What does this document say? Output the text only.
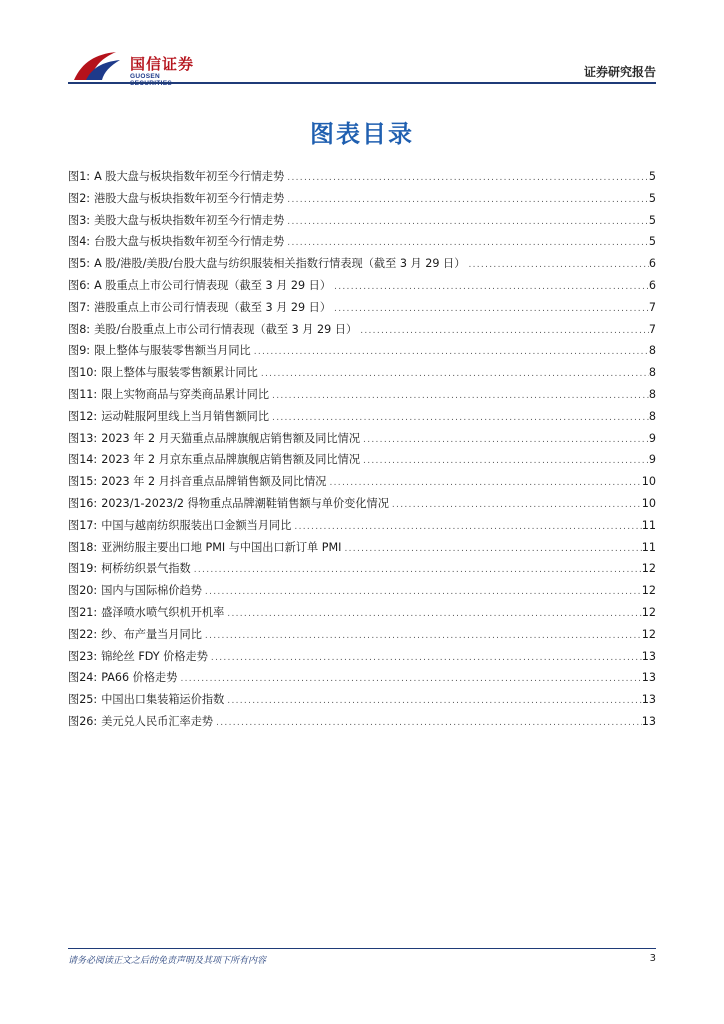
国信证券
GUOSEN	证券研究报告
图表目录
图1: A 股大盘与板块指数年初至今行情走势 .....	5
图2: 港股大盘与板块指数年初至今行情走势 .....	5
图3: 美股大盘与板块指数年初至今行情走势 .....	5
图4: 台股大盘与板块指数年初至今行情走势 .....	5
图5: A 股/港股/美股/台股大盘与纺织服装相关指数行情表现（截至 3 月 29 日） .....	6
图6: A 股重点上市公司行情表现（截至 3 月 29 日） .....	6
图7: 港股重点上市公司行情表现（截至 3 月 29 日） .....	7
图8: 美股/台股重点上市公司行情表现（截至 3 月 29 日） .....	7
图9: 限上整体与服装零售额当月同比 .....	8
图10: 限上整体与服装零售额累计同比 .....	8
图11: 限上实物商品与穿类商品累计同比 .....	8
图12: 运动鞋服阿里线上当月销售额同比 .....	8
图13: 2023 年 2 月天猫重点品牌旗舰店销售额及同比情况 .....	9
图14: 2023 年 2 月京东重点品牌旗舰店销售额及同比情况 .....	9
图15: 2023 年 2 月抖音重点品牌销售额及同比情况 .....	10
图16: 2023/1-2023/2 得物重点品牌潮鞋销售额与单价变化情况 .....	10
图17: 中国与越南纺织服装出口金额当月同比 .....	11
图18: 亚洲纺服主要出口地 PMI 与中国出口新订单 PMI .....	11
图19: 柯桥纺织景气指数 .....	12
图20: 国内与国际棉价趋势 .....	12
图21: 盛泽喷水喷气织机开机率 .....	12
图22: 纱、布产量当月同比 .....	12
图23: 锦纶丝 FDY 价格走势 .....	13
图24: PA66 价格走势 .....	13
图25: 中国出口集装箱运价指数 .....	13
图26: 美元兑人民币汇率走势 .....	13
请务必阅读正文之后的免责声明及其项下所有内容	3
